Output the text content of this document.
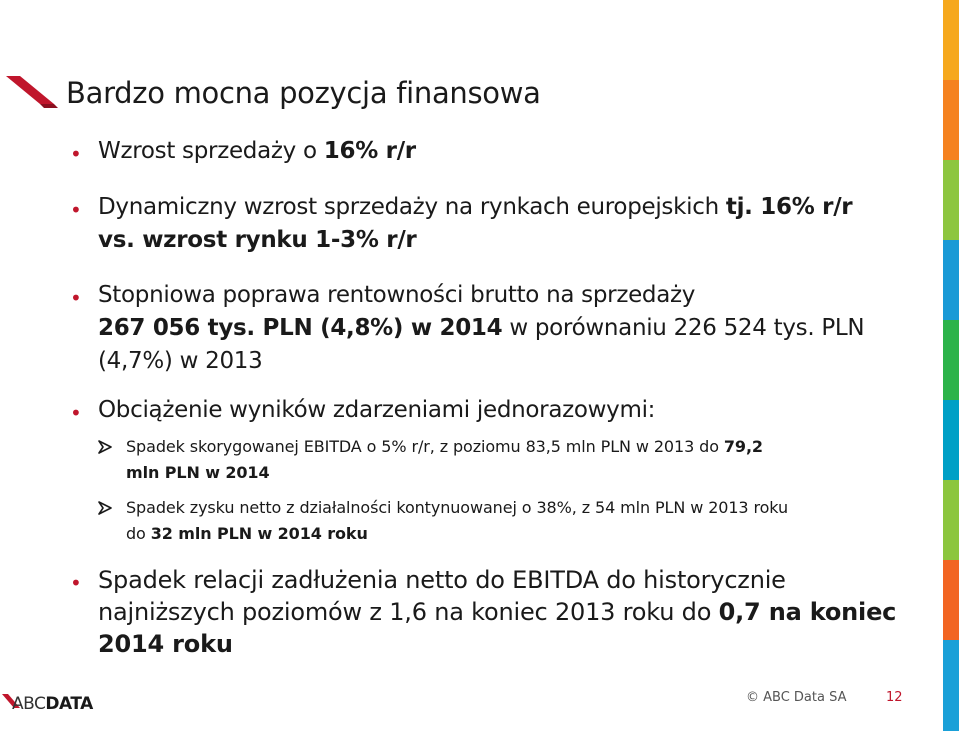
Bardzo mocna pozycja finansowa
• Wzrost sprzedaży o 16% r/r
• Dynamiczny wzrost sprzedaży na rynkach europejskich tj. 16% r/r
vs. wzrost rynku 1-3% r/r
• Stopniowa poprawa rentowności brutto na sprzedaży
267 056 tys. PLN (4,8%) w 2014 w porównaniu 226 524 tys. PLN
(4,7%) w 2013
• Obciążenie wyników zdarzeniami jednorazowymi:
Spadek skorygowanej EBITDA o 5% r/r, z poziomu 83,5 mln PLN w 2013 do 79,2
mln PLN w 2014
Spadek zysku netto z działalności kontynuowanej o 38%, z 54 mln PLN w 2013 roku
do 32 mln PLN w 2014 roku
• Spadek relacji zadłużenia netto do EBITDA do historycznie
najniższych poziomów z 1,6 na koniec 2013 roku do 0,7 na koniec
2014 roku
ABCDATA	© ABC Data SA	12
